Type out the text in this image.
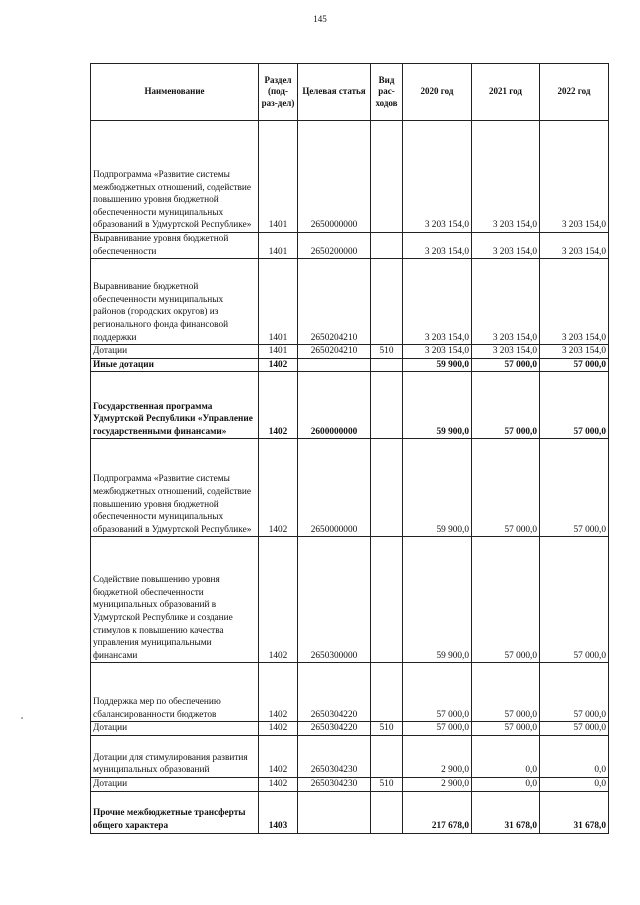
145
Наименование	Раздел (под-раз-дел)	Целевая статья	Вид рас-ходов	2020 год	2021 год	2022 год
Подпрограмма «Развитие системы межбюджетных отношений, содействие повышению уровня бюджетной обеспеченности муниципальных образований в Удмуртской Республике»	1401	2650000000		3 203 154,0	3 203 154,0	3 203 154,0
Выравнивание уровня бюджетной обеспеченности	1401	2650200000		3 203 154,0	3 203 154,0	3 203 154,0
Выравнивание бюджетной обеспеченности муниципальных районов (городских округов) из регионального фонда финансовой поддержки	1401	2650204210		3 203 154,0	3 203 154,0	3 203 154,0
Дотации	1401	2650204210	510	3 203 154,0	3 203 154,0	3 203 154,0
Иные дотации	1402			59 900,0	57 000,0	57 000,0
Государственная программа Удмуртской Республики «Управление государственными финансами»	1402	2600000000		59 900,0	57 000,0	57 000,0
Подпрограмма «Развитие системы межбюджетных отношений, содействие повышению уровня бюджетной обеспеченности муниципальных образований в Удмуртской Республике»	1402	2650000000		59 900,0	57 000,0	57 000,0
Содействие повышению уровня бюджетной обеспеченности муниципальных образований в Удмуртской Республике и создание стимулов к повышению качества управления муниципальными финансами	1402	2650300000		59 900,0	57 000,0	57 000,0
Поддержка мер по обеспечению сбалансированности бюджетов	1402	2650304220		57 000,0	57 000,0	57 000,0
Дотации	1402	2650304220	510	57 000,0	57 000,0	57 000,0
Дотации для стимулирования развития муниципальных образований	1402	2650304230		2 900,0	0,0	0,0
Дотации	1402	2650304230	510	2 900,0	0,0	0,0
Прочие межбюджетные трансферты общего характера	1403			217 678,0	31 678,0	31 678,0
